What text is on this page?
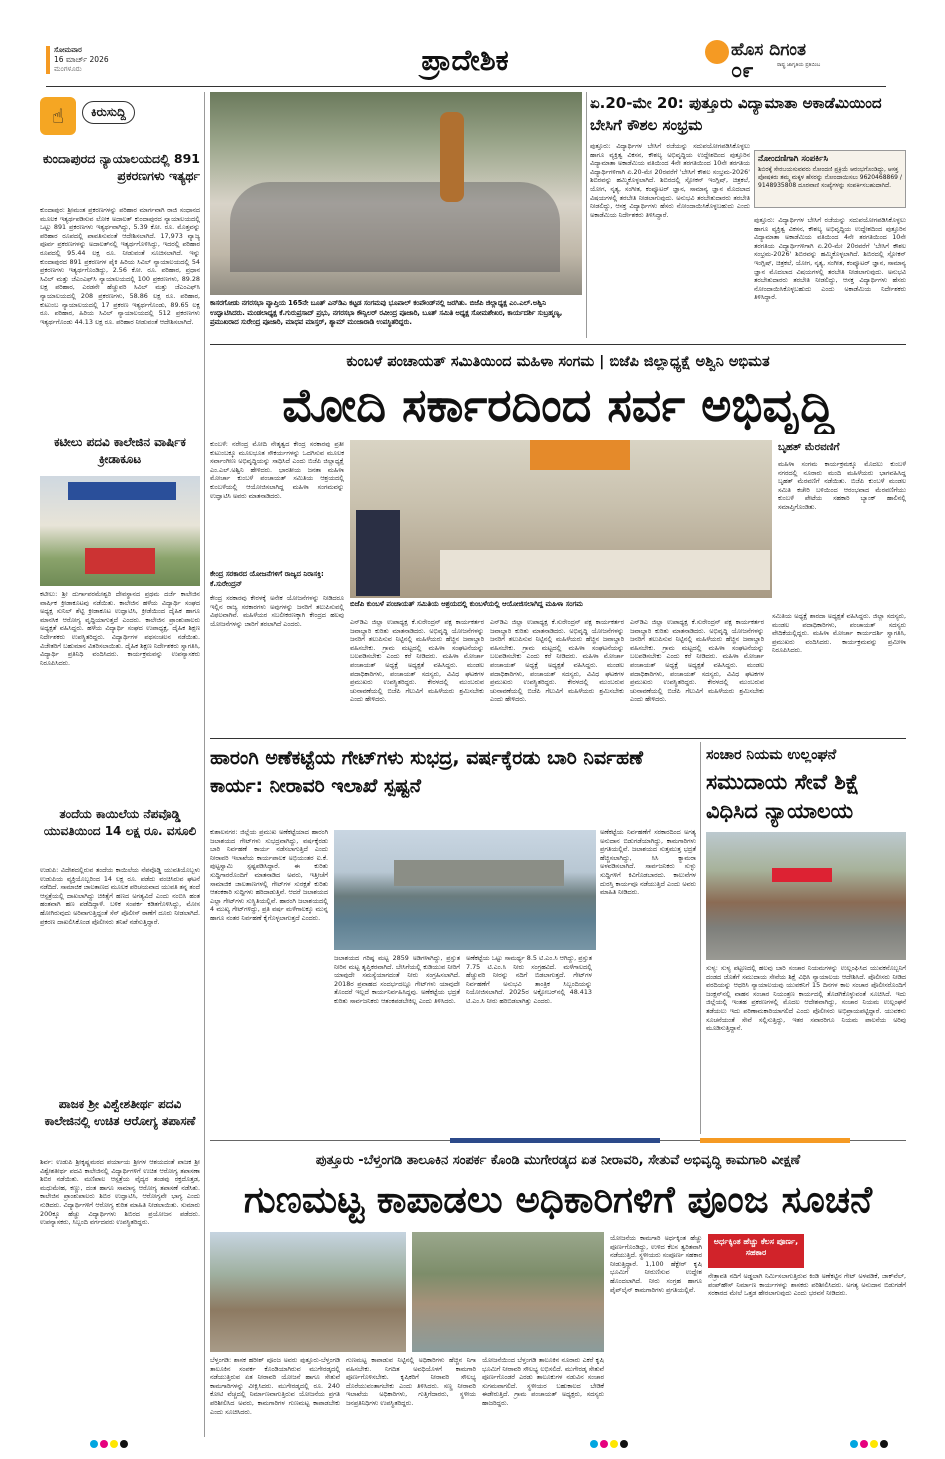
ಸೋಮವಾರ
16 ಮಾರ್ಚ್ 2026
ಮಂಗಳೂರು	ಪ್ರಾದೇಶಿಕ	ಹೊಸ ದಿಗಂತ
ರಾಷ್ಟ್ರ ಜಾಗೃತಿಯ ಪ್ರತಿಬಿಂಬ
೦೯
☝	ಕಿರುಸುದ್ದಿ
ಕುಂದಾಪುರದ ನ್ಯಾಯಾಲಯದಲ್ಲಿ 891 ಪ್ರಕರಣಗಳು ಇತ್ಯರ್ಥ
ಕುಂದಾಪುರ: ಶ್ರೀಮಂತ ಪ್ರಕರಣಗಳನ್ನು ಪರಿಹಾರ ಮಾರ್ಗವಾಗಿ ರಾಜಿ ಸಂಧಾನದ ಮೂಲಕ ಇತ್ಯರ್ಥಪಡಿಸುವ ಲೋಕ ಅದಾಲತ್ ಕುಂದಾಪುರದ ನ್ಯಾಯಾಲಯದಲ್ಲಿ ಒಟ್ಟು 891 ಪ್ರಕರಣಗಳು ಇತ್ಯರ್ಥವಾಗಿದ್ದು, 5.39 ಕೋ. ರೂ. ಮೊತ್ತವನ್ನು ಪರಿಹಾರ ರೂಪದಲ್ಲಿ ಪಾವತಿಸುವಂತೆ ಆದೇಶಿಸಲಾಗಿದೆ. 17,973 ವ್ಯಾಜ್ಯ ಪೂರ್ವ ಪ್ರಕರಣಗಳನ್ನು ಅದಾಲತ್‌ನಲ್ಲಿ ಇತ್ಯರ್ಥಗೊಳಿಸಿದ್ದು, ಇದರಲ್ಲಿ ಪರಿಹಾರ ರೂಪದಲ್ಲಿ 95.44 ಲಕ್ಷ ರೂ. ನೀಡುವಂತೆ ಸೂಚಿಸಲಾಗಿದೆ. ಇನ್ನು ಕುಂದಾಪುರದ 891 ಪ್ರಕರಣಗಳ ಪೈಕಿ ಹಿರಿಯ ಸಿವಿಲ್ ನ್ಯಾಯಾಲಯದಲ್ಲಿ 54 ಪ್ರಕರಣಗಳು ಇತ್ಯರ್ಥಗೊಂಡಿದ್ದು, 2.56 ಕೋ. ರೂ. ಪರಿಹಾರ, ಪ್ರಧಾನ ಸಿವಿಲ್ ಮತ್ತು ಜೆಎಂಎಫ್‌ಸಿ ನ್ಯಾಯಾಲಯದಲ್ಲಿ 100 ಪ್ರಕರಣಗಳು, 89.28 ಲಕ್ಷ ಪರಿಹಾರ, ಎರಡನೇ ಹೆಚ್ಚುವರಿ ಸಿವಿಲ್ ಮತ್ತು ಜೆಎಂಎಫ್‌ಸಿ ನ್ಯಾಯಾಲಯದಲ್ಲಿ 208 ಪ್ರಕರಣಗಳು, 58.86 ಲಕ್ಷ ರೂ. ಪರಿಹಾರ, ಕುಟುಂಬ ನ್ಯಾಯಾಲಯದಲ್ಲಿ 17 ಪ್ರಕರಣ ಇತ್ಯರ್ಥಗೊಂಡು, 89.65 ಲಕ್ಷ ರೂ. ಪರಿಹಾರ, ಹಿರಿಯ ಸಿವಿಲ್ ನ್ಯಾಯಾಲಯದಲ್ಲಿ 512 ಪ್ರಕರಣಗಳು ಇತ್ಯರ್ಥಗೊಂಡು 44.13 ಲಕ್ಷ ರೂ. ಪರಿಹಾರ ನೀಡುವಂತೆ ಆದೇಶಿಸಲಾಗಿದೆ.
ಕಟೀಲು ಪದವಿ ಕಾಲೇಜಿನ ವಾರ್ಷಿಕ ಕ್ರೀಡಾಕೂಟ
ಕಟೀಲು: ಶ್ರೀ ದುರ್ಗಾಪರಮೇಶ್ವರಿ ದೇವಸ್ಥಾನದ ಪ್ರಥಮ ದರ್ಜೆ ಕಾಲೇಜಿನ ವಾರ್ಷಿಕ ಕ್ರೀಡಾಕೂಟವು ನಡೆಯಿತು. ಕಾಲೇಜಿನ ಹಳೆಯ ವಿದ್ಯಾರ್ಥಿ ಸಂಘದ ಅಧ್ಯಕ್ಷ ಸುನಿಲ್ ಶೆಟ್ಟಿ ಕ್ರೀಡಾಕೂಟ ಉದ್ಘಾಟಿಸಿ, ಕ್ರೀಡೆಯಿಂದ ದೈಹಿಕ ಹಾಗೂ ಮಾನಸಿಕ ಆರೋಗ್ಯ ವೃದ್ಧಿಯಾಗುತ್ತದೆ ಎಂದರು. ಕಾಲೇಜಿನ ಪ್ರಾಂಶುಪಾಲರು ಅಧ್ಯಕ್ಷತೆ ವಹಿಸಿದ್ದರು. ಹಳೆಯ ವಿದ್ಯಾರ್ಥಿ ಸಂಘದ ಉಪಾಧ್ಯಕ್ಷ, ದೈಹಿಕ ಶಿಕ್ಷಣ ನಿರ್ದೇಶಕರು ಉಪಸ್ಥಿತರಿದ್ದರು. ವಿದ್ಯಾರ್ಥಿಗಳ ಪಥಸಂಚಲನ ನಡೆಯಿತು. ವಿಜೇತರಿಗೆ ಬಹುಮಾನ ವಿತರಿಸಲಾಯಿತು. ದೈಹಿಕ ಶಿಕ್ಷಣ ನಿರ್ದೇಶಕರು ಸ್ವಾಗತಿಸಿ, ವಿದ್ಯಾರ್ಥಿ ಪ್ರತಿನಿಧಿ ವಂದಿಸಿದರು. ಕಾರ್ಯಕ್ರಮವನ್ನು ಉಪನ್ಯಾಸಕರು ನಿರೂಪಿಸಿದರು.
ತಂದೆಯ ಕಾಯಿಲೆಯ ನೆಪವೊಡ್ಡಿ ಯುವತಿಯಿಂದ 14 ಲಕ್ಷ ರೂ. ವಸೂಲಿ
ಉಡುಪಿ: ವಿದೇಶದಲ್ಲಿರುವ ತಂದೆಯ ಕಾಯಿಲೆಯ ನೆಪವೊಡ್ಡಿ ಯುವತಿಯೊಬ್ಬಳು ಉಡುಪಿಯ ವ್ಯಕ್ತಿಯೊಬ್ಬರಿಂದ 14 ಲಕ್ಷ ರೂ. ಪಡೆದು ವಂಚಿಸಿರುವ ಘಟನೆ ನಡೆದಿದೆ. ಸಾಮಾಜಿಕ ಜಾಲತಾಣದ ಮೂಲಕ ಪರಿಚಯವಾದ ಯುವತಿ ತನ್ನ ತಂದೆ ಆಸ್ಪತ್ರೆಯಲ್ಲಿ ದಾಖಲಾಗಿದ್ದು ಚಿಕಿತ್ಸೆಗೆ ಹಣದ ಅಗತ್ಯವಿದೆ ಎಂದು ನಂಬಿಸಿ ಹಂತ ಹಂತವಾಗಿ ಹಣ ಪಡೆದಿದ್ದಾಳೆ. ಬಳಿಕ ಸಂಪರ್ಕ ಕಡಿತಗೊಳಿಸಿದ್ದು, ಮೋಸ ಹೋಗಿರುವುದು ಅರಿವಾಗುತ್ತಿದ್ದಂತೆ ಸೆನ್ ಪೊಲೀಸ್ ಠಾಣೆಗೆ ದೂರು ನೀಡಲಾಗಿದೆ. ಪ್ರಕರಣ ದಾಖಲಿಸಿಕೊಂಡ ಪೊಲೀಸರು ತನಿಖೆ ನಡೆಸುತ್ತಿದ್ದಾರೆ.
ಪಾಜಕ ಶ್ರೀ ವಿಶ್ವೇಶತೀರ್ಥ ಪದವಿ ಕಾಲೇಜಿನಲ್ಲಿ ಉಚಿತ ಆರೋಗ್ಯ ತಪಾಸಣೆ
ಶಿರ್ವ: ಉಡುಪಿ ಶ್ರೀಕೃಷ್ಣಮಠದ ಪರ್ಯಾಯ ಶ್ರೀಗಳ ಆಶಯದಂತೆ ಪಾಜಕ ಶ್ರೀ ವಿಶ್ವೇಶತೀರ್ಥ ಪದವಿ ಕಾಲೇಜಿನಲ್ಲಿ ವಿದ್ಯಾರ್ಥಿಗಳಿಗೆ ಉಚಿತ ಆರೋಗ್ಯ ತಪಾಸಣಾ ಶಿಬಿರ ನಡೆಯಿತು. ಮಣಿಪಾಲ ಆಸ್ಪತ್ರೆಯ ವೈದ್ಯರ ತಂಡವು ರಕ್ತದೊತ್ತಡ, ಮಧುಮೇಹ, ಕಣ್ಣು, ದಂತ ಹಾಗೂ ಸಾಮಾನ್ಯ ಆರೋಗ್ಯ ತಪಾಸಣೆ ನಡೆಸಿತು. ಕಾಲೇಜಿನ ಪ್ರಾಂಶುಪಾಲರು ಶಿಬಿರ ಉದ್ಘಾಟಿಸಿ, ಆರೋಗ್ಯವೇ ಭಾಗ್ಯ ಎಂದು ನುಡಿದರು. ವಿದ್ಯಾರ್ಥಿಗಳಿಗೆ ಆರೋಗ್ಯ ಕುರಿತ ಮಾಹಿತಿ ನೀಡಲಾಯಿತು. ಸುಮಾರು 200ಕ್ಕೂ ಹೆಚ್ಚು ವಿದ್ಯಾರ್ಥಿಗಳು ಶಿಬಿರದ ಪ್ರಯೋಜನ ಪಡೆದರು. ಉಪನ್ಯಾಸಕರು, ಸಿಬ್ಬಂದಿ ವರ್ಗದವರು ಉಪಸ್ಥಿತರಿದ್ದರು.
ಕಾಸರಗೋಡು ನಗರಸಭಾ ವ್ಯಾಪ್ತಿಯ 165ನೇ ಬೂತ್ ಎನ್‌ಡಿಎ ಕಟ್ಟಡ ಸಂಗಮವು ಭೂಪಾಲ್ ಕಂಪೌಂಡ್‌ನಲ್ಲಿ ಜರಗಿತು. ಬಿಜೆಪಿ ಜಿಲ್ಲಾಧ್ಯಕ್ಷ ಎಂ.ಎಲ್.ಅಶ್ವಿನಿ ಉದ್ಘಾಟಿಸಿದರು. ಮಂಡಲಾಧ್ಯಕ್ಷ ಕೆ.ಗುರುಪ್ರಸಾದ್ ಪ್ರಭು, ನಗರಸಭಾ ಕೌನ್ಸಿಲರ್ ರವೀಂದ್ರ ಪೂಜಾರಿ, ಬೂತ್ ಸಮಿತಿ ಅಧ್ಯಕ್ಷ ಸೋಮಶೇಖರ, ಕಾರ್ಯದರ್ಶಿ ಸುಬ್ರಹ್ಮಣ್ಯ, ಪ್ರಮುಖರಾದ ಸುರೇಂದ್ರ ಪೂಜಾರಿ, ಮಾಧವ ಮಾಸ್ತರ್, ಶ್ಯಾಮ್ ಮಂಜಾರಾಡಿ ಉಪಸ್ಥಿತರಿದ್ದರು.
ಏ.20-ಮೇ 20: ಪುತ್ತೂರು ವಿದ್ಯಾಮಾತಾ ಅಕಾಡೆಮಿಯಿಂದ ಬೇಸಿಗೆ ಕೌಶಲ ಸಂಭ್ರಮ
ಪುತ್ತೂರು: ವಿದ್ಯಾರ್ಥಿಗಳ ಬೇಸಿಗೆ ರಜೆಯನ್ನು ಸದುಪಯೋಗಪಡಿಸಿಕೊಳ್ಳಲು ಹಾಗೂ ವ್ಯಕ್ತಿತ್ವ ವಿಕಸನ, ಕೌಶಲ್ಯ ಅಭಿವೃದ್ಧಿಯ ಉದ್ದೇಶದಿಂದ ಪುತ್ತೂರಿನ ವಿದ್ಯಾಮಾತಾ ಅಕಾಡೆಮಿಯ ವತಿಯಿಂದ 4ನೇ ತರಗತಿಯಿಂದ 10ನೇ ತರಗತಿಯ ವಿದ್ಯಾರ್ಥಿಗಳಿಗಾಗಿ ಏ.20-ಮೇ 20ರವರೆಗೆ 'ಬೇಸಿಗೆ ಕೌಶಲ ಸಂಭ್ರಮ-2026' ಶಿಬಿರವನ್ನು ಹಮ್ಮಿಕೊಳ್ಳಲಾಗಿದೆ. ಶಿಬಿರದಲ್ಲಿ ಸ್ಪೋಕನ್ ಇಂಗ್ಲಿಷ್, ಚಿತ್ರಕಲೆ, ಯೋಗ, ನೃತ್ಯ, ಸಂಗೀತ, ಕಂಪ್ಯೂಟರ್ ಜ್ಞಾನ, ಸಾಮಾನ್ಯ ಜ್ಞಾನ ಮೊದಲಾದ ವಿಷಯಗಳಲ್ಲಿ ತರಬೇತಿ ನೀಡಲಾಗುವುದು. ಅನುಭವಿ ತರಬೇತುದಾರರು ತರಬೇತಿ ನೀಡಲಿದ್ದು, ಆಸಕ್ತ ವಿದ್ಯಾರ್ಥಿಗಳು ಹೆಸರು ನೋಂದಾಯಿಸಿಕೊಳ್ಳಬಹುದು ಎಂದು ಅಕಾಡೆಮಿಯ ನಿರ್ದೇಶಕರು ತಿಳಿಸಿದ್ದಾರೆ.
ನೋಂದಣಿಗಾಗಿ ಸಂಪರ್ಕಿಸಿ
ಶಿಬಿರಕ್ಕೆ ಸೇರಬಯಸುವವರು ನೋಂದಣಿ ಪ್ರಕ್ರಿಯೆ ಆರಂಭಗೊಂಡಿದ್ದು, ಆಸಕ್ತ ಪೋಷಕರು ತಮ್ಮ ಮಕ್ಕಳ ಹೆಸರನ್ನು ನೋಂದಾಯಿಸಲು 9620468869 / 9148935808 ದೂರವಾಣಿ ಸಂಖ್ಯೆಗಳನ್ನು ಸಂಪರ್ಕಿಸಬಹುದಾಗಿದೆ.
ಪುತ್ತೂರು: ವಿದ್ಯಾರ್ಥಿಗಳ ಬೇಸಿಗೆ ರಜೆಯನ್ನು ಸದುಪಯೋಗಪಡಿಸಿಕೊಳ್ಳಲು ಹಾಗೂ ವ್ಯಕ್ತಿತ್ವ ವಿಕಸನ, ಕೌಶಲ್ಯ ಅಭಿವೃದ್ಧಿಯ ಉದ್ದೇಶದಿಂದ ಪುತ್ತೂರಿನ ವಿದ್ಯಾಮಾತಾ ಅಕಾಡೆಮಿಯ ವತಿಯಿಂದ 4ನೇ ತರಗತಿಯಿಂದ 10ನೇ ತರಗತಿಯ ವಿದ್ಯಾರ್ಥಿಗಳಿಗಾಗಿ ಏ.20-ಮೇ 20ರವರೆಗೆ 'ಬೇಸಿಗೆ ಕೌಶಲ ಸಂಭ್ರಮ-2026' ಶಿಬಿರವನ್ನು ಹಮ್ಮಿಕೊಳ್ಳಲಾಗಿದೆ. ಶಿಬಿರದಲ್ಲಿ ಸ್ಪೋಕನ್ ಇಂಗ್ಲಿಷ್, ಚಿತ್ರಕಲೆ, ಯೋಗ, ನೃತ್ಯ, ಸಂಗೀತ, ಕಂಪ್ಯೂಟರ್ ಜ್ಞಾನ, ಸಾಮಾನ್ಯ ಜ್ಞಾನ ಮೊದಲಾದ ವಿಷಯಗಳಲ್ಲಿ ತರಬೇತಿ ನೀಡಲಾಗುವುದು. ಅನುಭವಿ ತರಬೇತುದಾರರು ತರಬೇತಿ ನೀಡಲಿದ್ದು, ಆಸಕ್ತ ವಿದ್ಯಾರ್ಥಿಗಳು ಹೆಸರು ನೋಂದಾಯಿಸಿಕೊಳ್ಳಬಹುದು ಎಂದು ಅಕಾಡೆಮಿಯ ನಿರ್ದೇಶಕರು ತಿಳಿಸಿದ್ದಾರೆ.
ಕುಂಬಳೆ ಪಂಚಾಯತ್ ಸಮಿತಿಯಿಂದ ಮಹಿಳಾ ಸಂಗಮ | ಬಿಜೆಪಿ ಜಿಲ್ಲಾಧ್ಯಕ್ಷೆ ಅಶ್ವಿನಿ ಅಭಿಮತ
ಮೋದಿ ಸರ್ಕಾರದಿಂದ ಸರ್ವ ಅಭಿವೃದ್ಧಿ
ಕುಂಬಳೆ: ನರೇಂದ್ರ ಮೋದಿ ನೇತೃತ್ವದ ಕೇಂದ್ರ ಸರಕಾರವು ಪ್ರತೀ ಕುಟುಂಬಕ್ಕೂ ಮೂಲಭೂತ ಸೌಕರ್ಯಗಳನ್ನು ಒದಗಿಸುವ ಮೂಲಕ ಸರ್ವಾಂಗೀಣ ಅಭಿವೃದ್ಧಿಯನ್ನು ಸಾಧಿಸಿದೆ ಎಂದು ಬಿಜೆಪಿ ಜಿಲ್ಲಾಧ್ಯಕ್ಷೆ ಎಂ.ಎಲ್.ಅಶ್ವಿನಿ ಹೇಳಿದರು. ಭಾರತೀಯ ಜನತಾ ಮಹಿಳಾ ಮೋರ್ಚಾ ಕುಂಬಳೆ ಪಂಚಾಯತ್ ಸಮಿತಿಯ ಆಶ್ರಯದಲ್ಲಿ ಕುಂಬಳೆಯಲ್ಲಿ ಆಯೋಜಿಸಲಾಗಿದ್ದ ಮಹಿಳಾ ಸಂಗಮವನ್ನು ಉದ್ಘಾಟಿಸಿ ಅವರು ಮಾತನಾಡಿದರು.
ಕೇಂದ್ರ ಸರಕಾರದ ಯೋಜನೆಗಳಿಗೆ ರಾಜ್ಯದ ನಿರಾಸಕ್ತಿ: ಕೆ.ಸುರೇಂದ್ರನ್
ಕೇಂದ್ರ ಸರಕಾರವು ಕೇರಳಕ್ಕೆ ಅನೇಕ ಯೋಜನೆಗಳನ್ನು ನೀಡಿದರೂ ಇಲ್ಲಿನ ರಾಜ್ಯ ಸರಕಾರಗಳು ಅವುಗಳನ್ನು ಜನರಿಗೆ ತಲುಪಿಸುವಲ್ಲಿ ವಿಫಲವಾಗಿವೆ. ಮಹಿಳೆಯರ ಸಬಲೀಕರಣಕ್ಕಾಗಿ ಕೇಂದ್ರದ ಹಲವು ಯೋಜನೆಗಳನ್ನು ಜಾರಿಗೆ ತರಲಾಗಿದೆ ಎಂದರು.
ಬಿಜೆಪಿ ಕುಂಬಳೆ ಪಂಚಾಯತ್ ಸಮಿತಿಯ ಆಶ್ರಯದಲ್ಲಿ ಕುಂಬಳೆಯಲ್ಲಿ ಆಯೋಜಿಸಲಾಗಿದ್ದ ಮಹಿಳಾ ಸಂಗಮ
ಬೃಹತ್ ಮೆರವಣಿಗೆ
ಮಹಿಳಾ ಸಂಗಮ ಕಾರ್ಯಕ್ರಮಕ್ಕೂ ಮೊದಲು ಕುಂಬಳೆ ನಗರದಲ್ಲಿ ನೂರಾರು ಮಂದಿ ಮಹಿಳೆಯರು ಭಾಗವಹಿಸಿದ್ದ ಬೃಹತ್ ಮೆರವಣಿಗೆ ನಡೆಯಿತು. ಬಿಜೆಪಿ ಕುಂಬಳೆ ಮಂಡಲ ಸಮಿತಿ ಕಚೇರಿ ಬಳಿಯಿಂದ ಆರಂಭವಾದ ಮೆರವಣಿಗೆಯು ಕುಂಬಳೆ ಪೇಟೆಯ ಸಹಕಾರಿ ಬ್ಯಾಂಕ್ ಹಾಲಿನಲ್ಲಿ ಸಮಾಪ್ತಿಗೊಂಡಿತು.
ಎನ್‌ಡಿಎ ಜಿಲ್ಲಾ ಉಪಾಧ್ಯಕ್ಷ ಕೆ.ಸುರೇಂದ್ರನ್ ಪಕ್ಷ ಕಾರ್ಯಕರ್ತರ ಜವಾಬ್ದಾರಿ ಕುರಿತು ಮಾತನಾಡಿದರು. ಅಭಿವೃದ್ಧಿ ಯೋಜನೆಗಳನ್ನು ಜನರಿಗೆ ತಲುಪಿಸುವ ನಿಟ್ಟಿನಲ್ಲಿ ಮಹಿಳೆಯರು ಹೆಚ್ಚಿನ ಜವಾಬ್ದಾರಿ ವಹಿಸಬೇಕು. ಗ್ರಾಮ ಮಟ್ಟದಲ್ಲಿ ಮಹಿಳಾ ಸಂಘಟನೆಯನ್ನು ಬಲಪಡಿಸಬೇಕು ಎಂದು ಕರೆ ನೀಡಿದರು. ಮಹಿಳಾ ಮೋರ್ಚಾ ಪಂಚಾಯತ್ ಅಧ್ಯಕ್ಷೆ ಅಧ್ಯಕ್ಷತೆ ವಹಿಸಿದ್ದರು. ಮಂಡಲ ಪದಾಧಿಕಾರಿಗಳು, ಪಂಚಾಯತ್ ಸದಸ್ಯರು, ವಿವಿಧ ಘಟಕಗಳ ಪ್ರಮುಖರು ಉಪಸ್ಥಿತರಿದ್ದರು. ಕೇರಳದಲ್ಲಿ ಮುಂಬರುವ ಚುನಾವಣೆಯಲ್ಲಿ ಬಿಜೆಪಿ ಗೆಲುವಿಗೆ ಮಹಿಳೆಯರು ಶ್ರಮಿಸಬೇಕು ಎಂದು ಹೇಳಿದರು.
ಎನ್‌ಡಿಎ ಜಿಲ್ಲಾ ಉಪಾಧ್ಯಕ್ಷ ಕೆ.ಸುರೇಂದ್ರನ್ ಪಕ್ಷ ಕಾರ್ಯಕರ್ತರ ಜವಾಬ್ದಾರಿ ಕುರಿತು ಮಾತನಾಡಿದರು. ಅಭಿವೃದ್ಧಿ ಯೋಜನೆಗಳನ್ನು ಜನರಿಗೆ ತಲುಪಿಸುವ ನಿಟ್ಟಿನಲ್ಲಿ ಮಹಿಳೆಯರು ಹೆಚ್ಚಿನ ಜವಾಬ್ದಾರಿ ವಹಿಸಬೇಕು. ಗ್ರಾಮ ಮಟ್ಟದಲ್ಲಿ ಮಹಿಳಾ ಸಂಘಟನೆಯನ್ನು ಬಲಪಡಿಸಬೇಕು ಎಂದು ಕರೆ ನೀಡಿದರು. ಮಹಿಳಾ ಮೋರ್ಚಾ ಪಂಚಾಯತ್ ಅಧ್ಯಕ್ಷೆ ಅಧ್ಯಕ್ಷತೆ ವಹಿಸಿದ್ದರು. ಮಂಡಲ ಪದಾಧಿಕಾರಿಗಳು, ಪಂಚಾಯತ್ ಸದಸ್ಯರು, ವಿವಿಧ ಘಟಕಗಳ ಪ್ರಮುಖರು ಉಪಸ್ಥಿತರಿದ್ದರು. ಕೇರಳದಲ್ಲಿ ಮುಂಬರುವ ಚುನಾವಣೆಯಲ್ಲಿ ಬಿಜೆಪಿ ಗೆಲುವಿಗೆ ಮಹಿಳೆಯರು ಶ್ರಮಿಸಬೇಕು ಎಂದು ಹೇಳಿದರು.
ಎನ್‌ಡಿಎ ಜಿಲ್ಲಾ ಉಪಾಧ್ಯಕ್ಷ ಕೆ.ಸುರೇಂದ್ರನ್ ಪಕ್ಷ ಕಾರ್ಯಕರ್ತರ ಜವಾಬ್ದಾರಿ ಕುರಿತು ಮಾತನಾಡಿದರು. ಅಭಿವೃದ್ಧಿ ಯೋಜನೆಗಳನ್ನು ಜನರಿಗೆ ತಲುಪಿಸುವ ನಿಟ್ಟಿನಲ್ಲಿ ಮಹಿಳೆಯರು ಹೆಚ್ಚಿನ ಜವಾಬ್ದಾರಿ ವಹಿಸಬೇಕು. ಗ್ರಾಮ ಮಟ್ಟದಲ್ಲಿ ಮಹಿಳಾ ಸಂಘಟನೆಯನ್ನು ಬಲಪಡಿಸಬೇಕು ಎಂದು ಕರೆ ನೀಡಿದರು. ಮಹಿಳಾ ಮೋರ್ಚಾ ಪಂಚಾಯತ್ ಅಧ್ಯಕ್ಷೆ ಅಧ್ಯಕ್ಷತೆ ವಹಿಸಿದ್ದರು. ಮಂಡಲ ಪದಾಧಿಕಾರಿಗಳು, ಪಂಚಾಯತ್ ಸದಸ್ಯರು, ವಿವಿಧ ಘಟಕಗಳ ಪ್ರಮುಖರು ಉಪಸ್ಥಿತರಿದ್ದರು. ಕೇರಳದಲ್ಲಿ ಮುಂಬರುವ ಚುನಾವಣೆಯಲ್ಲಿ ಬಿಜೆಪಿ ಗೆಲುವಿಗೆ ಮಹಿಳೆಯರು ಶ್ರಮಿಸಬೇಕು ಎಂದು ಹೇಳಿದರು.
ಸಮಿತಿಯ ಅಧ್ಯಕ್ಷೆ ಶಾರದಾ ಅಧ್ಯಕ್ಷತೆ ವಹಿಸಿದ್ದರು. ಜಿಲ್ಲಾ ಸದಸ್ಯರು, ಮಂಡಲ ಪದಾಧಿಕಾರಿಗಳು, ಪಂಚಾಯತ್ ಸದಸ್ಯರು ವೇದಿಕೆಯಲ್ಲಿದ್ದರು. ಮಹಿಳಾ ಮೋರ್ಚಾ ಕಾರ್ಯದರ್ಶಿ ಸ್ವಾಗತಿಸಿ, ಪ್ರಮುಖರು ವಂದಿಸಿದರು. ಕಾರ್ಯಕ್ರಮವನ್ನು ಪ್ರಮೀಳಾ ನಿರೂಪಿಸಿದರು.
ಹಾರಂಗಿ ಅಣೆಕಟ್ಟೆಯ ಗೇಟ್‌ಗಳು ಸುಭದ್ರ, ವರ್ಷಕ್ಕೆರಡು ಬಾರಿ ನಿರ್ವಹಣೆ ಕಾರ್ಯ: ನೀರಾವರಿ ಇಲಾಖೆ ಸ್ಪಷ್ಟನೆ
ಕುಶಾಲನಗರ: ಜಿಲ್ಲೆಯ ಪ್ರಮುಖ ಅಣೆಕಟ್ಟೆಯಾದ ಹಾರಂಗಿ ಜಲಾಶಯದ ಗೇಟ್‌ಗಳು ಸುಭದ್ರವಾಗಿದ್ದು, ವರ್ಷಕ್ಕೆರಡು ಬಾರಿ ನಿರ್ವಹಣೆ ಕಾರ್ಯ ನಡೆಸಲಾಗುತ್ತಿದೆ ಎಂದು ನೀರಾವರಿ ಇಲಾಖೆಯ ಕಾರ್ಯಪಾಲಕ ಅಭಿಯಂತರ ಐ.ಕೆ. ಪುಟ್ಟಸ್ವಾಮಿ ಸ್ಪಷ್ಟಪಡಿಸಿದ್ದಾರೆ. ಈ ಕುರಿತು ಸುದ್ದಿಗಾರರೊಂದಿಗೆ ಮಾತನಾಡಿದ ಅವರು, ಇತ್ತೀಚೆಗೆ ಸಾಮಾಜಿಕ ಜಾಲತಾಣಗಳಲ್ಲಿ ಗೇಟ್‌ಗಳ ಸುರಕ್ಷತೆ ಕುರಿತು ಆತಂಕಕಾರಿ ಸುದ್ದಿಗಳು ಹರಿದಾಡುತ್ತಿವೆ. ಆದರೆ ಜಲಾಶಯದ ಎಲ್ಲಾ ಗೇಟ್‌ಗಳು ಸುಸ್ಥಿತಿಯಲ್ಲಿವೆ. ಹಾರಂಗಿ ಜಲಾಶಯದಲ್ಲಿ 4 ಮುಖ್ಯ ಗೇಟ್‌ಗಳಿದ್ದು, ಪ್ರತಿ ವರ್ಷ ಮಳೆಗಾಲಕ್ಕೂ ಮುನ್ನ ಹಾಗೂ ನಂತರ ನಿರ್ವಹಣೆ ಕೈಗೊಳ್ಳಲಾಗುತ್ತದೆ ಎಂದರು.
ಜಲಾಶಯದ ಗರಿಷ್ಠ ಮಟ್ಟ 2859 ಅಡಿಗಳಾಗಿದ್ದು, ಪ್ರಸ್ತುತ ನೀರಿನ ಮಟ್ಟ ತೃಪ್ತಿಕರವಾಗಿದೆ. ಬೇಸಿಗೆಯಲ್ಲಿ ಕುಡಿಯುವ ನೀರಿಗೆ ಯಾವುದೇ ಸಮಸ್ಯೆಯಾಗದಂತೆ ನೀರು ಸಂಗ್ರಹಿಸಲಾಗಿದೆ. 2018ರ ಪ್ರವಾಹದ ಸಂದರ್ಭದಲ್ಲೂ ಗೇಟ್‌ಗಳು ಯಾವುದೇ ತೊಂದರೆ ಇಲ್ಲದೆ ಕಾರ್ಯನಿರ್ವಹಿಸಿದ್ದವು. ಅಣೆಕಟ್ಟೆಯ ಭದ್ರತೆ ಕುರಿತು ಸಾರ್ವಜನಿಕರು ಆತಂಕಪಡಬೇಕಿಲ್ಲ ಎಂದು ತಿಳಿಸಿದರು.
ಅಣೆಕಟ್ಟೆಯ ಒಟ್ಟು ಸಾಮರ್ಥ್ಯ 8.5 ಟಿ.ಎಂ.ಸಿ ಆಗಿದ್ದು, ಪ್ರಸ್ತುತ 7.75 ಟಿ.ಎಂ.ಸಿ ನೀರು ಸಂಗ್ರಹವಿದೆ. ಮಳೆಗಾಲದಲ್ಲಿ ಹೆಚ್ಚುವರಿ ನೀರನ್ನು ನದಿಗೆ ಬಿಡಲಾಗುತ್ತದೆ. ಗೇಟ್‌ಗಳ ನಿರ್ವಹಣೆಗೆ ಅನುಭವಿ ತಾಂತ್ರಿಕ ಸಿಬ್ಬಂದಿಯನ್ನು ನಿಯೋಜಿಸಲಾಗಿದೆ. 2025ರ ಅಕ್ಟೋಬರ್‌ನಲ್ಲಿ 48.413 ಟಿ.ಎಂ.ಸಿ ನೀರು ಹರಿಬಿಡಲಾಗಿತ್ತು ಎಂದರು.
ಅಣೆಕಟ್ಟೆಯ ನಿರ್ವಹಣೆಗೆ ಸರಕಾರದಿಂದ ಅಗತ್ಯ ಅನುದಾನ ಬಿಡುಗಡೆಯಾಗಿದ್ದು, ಕಾಮಗಾರಿಗಳು ಪ್ರಗತಿಯಲ್ಲಿವೆ. ಜಲಾಶಯದ ಸುತ್ತಮುತ್ತ ಭದ್ರತೆ ಹೆಚ್ಚಿಸಲಾಗಿದ್ದು, ಸಿಸಿ ಕ್ಯಾಮರಾ ಅಳವಡಿಸಲಾಗಿದೆ. ಸಾರ್ವಜನಿಕರು ಸುಳ್ಳು ಸುದ್ದಿಗಳಿಗೆ ಕಿವಿಗೊಡಬಾರದು. ಕಾಲುವೆಗಳ ದುರಸ್ತಿ ಕಾರ್ಯವೂ ನಡೆಯುತ್ತಿದೆ ಎಂದು ಅವರು ಮಾಹಿತಿ ನೀಡಿದರು.
ಸಂಚಾರ ನಿಯಮ ಉಲ್ಲಂಘನೆ
ಸಮುದಾಯ ಸೇವೆ ಶಿಕ್ಷೆ ವಿಧಿಸಿದ ನ್ಯಾಯಾಲಯ
ಸುಳ್ಯ: ಸುಳ್ಯ ಪಟ್ಟಣದಲ್ಲಿ ಹಲವು ಬಾರಿ ಸಂಚಾರ ನಿಯಮಗಳನ್ನು ಉಲ್ಲಂಘಿಸಿದ ಯುವಕನೊಬ್ಬನಿಗೆ ದಂಡದ ಜೊತೆಗೆ ಸಮುದಾಯ ಸೇವೆಯ ಶಿಕ್ಷೆ ವಿಧಿಸಿ ನ್ಯಾಯಾಲಯ ಆದೇಶಿಸಿದೆ. ಪೊಲೀಸರು ನೀಡಿದ ವರದಿಯನ್ನು ಆಧರಿಸಿ ನ್ಯಾಯಾಲಯವು ಯುವಕನಿಗೆ 15 ದಿನಗಳ ಕಾಲ ಸಂಚಾರ ಪೊಲೀಸರೊಂದಿಗೆ ಜಂಕ್ಷನ್‌ನಲ್ಲಿ ವಾಹನ ಸಂಚಾರ ನಿಯಂತ್ರಣ ಕಾರ್ಯದಲ್ಲಿ ತೊಡಗಿಕೊಳ್ಳುವಂತೆ ಸೂಚಿಸಿದೆ. ಇದು ಜಿಲ್ಲೆಯಲ್ಲಿ ಇಂತಹ ಪ್ರಕರಣಗಳಲ್ಲಿ ಮೊದಲ ಆದೇಶವಾಗಿದ್ದು, ಸಂಚಾರ ನಿಯಮ ಉಲ್ಲಂಘನೆ ತಡೆಯಲು ಇದು ಪರಿಣಾಮಕಾರಿಯಾಗಲಿದೆ ಎಂದು ಪೊಲೀಸರು ಅಭಿಪ್ರಾಯಪಟ್ಟಿದ್ದಾರೆ. ಯುವಕನು ಸೂಚನೆಯಂತೆ ಸೇವೆ ಸಲ್ಲಿಸುತ್ತಿದ್ದು, ಇತರ ಸವಾರರಿಗೂ ನಿಯಮ ಪಾಲನೆಯ ಅರಿವು ಮೂಡಿಸುತ್ತಿದ್ದಾನೆ.
ಪುತ್ತೂರು -ಬೆಳ್ತಂಗಡಿ ತಾಲೂಕಿನ ಸಂಪರ್ಕ ಕೊಂಡಿ ಮುಗೇರಡ್ಕದ ಏತ ನೀರಾವರಿ, ಸೇತುವೆ ಅಭಿವೃದ್ಧಿ ಕಾಮಗಾರಿ ವೀಕ್ಷಣೆ
ಗುಣಮಟ್ಟ ಕಾಪಾಡಲು ಅಧಿಕಾರಿಗಳಿಗೆ ಪೂಂಜ ಸೂಚನೆ
ಬೆಳ್ತಂಗಡಿ: ಶಾಸಕ ಹರೀಶ್ ಪೂಂಜ ಅವರು ಪುತ್ತೂರು-ಬೆಳ್ತಂಗಡಿ ತಾಲೂಕಿನ ಸಂಪರ್ಕ ಕೊಂಡಿಯಾಗಿರುವ ಮುಗೇರಡ್ಕದಲ್ಲಿ ನಡೆಯುತ್ತಿರುವ ಏತ ನೀರಾವರಿ ಯೋಜನೆ ಹಾಗೂ ಸೇತುವೆ ಕಾಮಗಾರಿಗಳನ್ನು ವೀಕ್ಷಿಸಿದರು. ಮುಗೇರಡ್ಕದಲ್ಲಿ ರೂ. 240 ಕೋಟಿ ವೆಚ್ಚದಲ್ಲಿ ನಿರ್ಮಾಣವಾಗುತ್ತಿರುವ ಯೋಜನೆಯ ಪ್ರಗತಿ ಪರಿಶೀಲಿಸಿದ ಅವರು, ಕಾಮಗಾರಿಗಳ ಗುಣಮಟ್ಟ ಕಾಪಾಡಬೇಕು ಎಂದು ಸೂಚಿಸಿದರು.
ಗುಣಮಟ್ಟ ಕಾಪಾಡುವ ನಿಟ್ಟಿನಲ್ಲಿ ಅಧಿಕಾರಿಗಳು ಹೆಚ್ಚಿನ ನಿಗಾ ವಹಿಸಬೇಕು. ನಿಗದಿತ ಅವಧಿಯೊಳಗೆ ಕಾಮಗಾರಿ ಪೂರ್ಣಗೊಳಿಸಬೇಕು. ಕೃಷಿಕರಿಗೆ ನೀರಾವರಿ ಸೌಲಭ್ಯ ದೊರೆಯುವಂತಾಗಬೇಕು ಎಂದು ತಿಳಿಸಿದರು. ಸಣ್ಣ ನೀರಾವರಿ ಇಲಾಖೆಯ ಅಧಿಕಾರಿಗಳು, ಗುತ್ತಿಗೆದಾರರು, ಸ್ಥಳೀಯ ಜನಪ್ರತಿನಿಧಿಗಳು ಉಪಸ್ಥಿತರಿದ್ದರು.
ಯೋಜನೆಯಿಂದ ಬೆಳ್ತಂಗಡಿ ತಾಲೂಕಿನ ನೂರಾರು ಎಕರೆ ಕೃಷಿ ಭೂಮಿಗೆ ನೀರಾವರಿ ಸೌಲಭ್ಯ ಲಭಿಸಲಿದೆ. ಮುಗೇರಡ್ಕ ಸೇತುವೆ ಪೂರ್ಣಗೊಂಡರೆ ಎರಡು ತಾಲೂಕುಗಳ ನಡುವಿನ ಸಂಚಾರ ಸುಗಮವಾಗಲಿದೆ. ಸ್ಥಳೀಯರ ಬಹುಕಾಲದ ಬೇಡಿಕೆ ಈಡೇರುತ್ತಿದೆ. ಗ್ರಾಮ ಪಂಚಾಯತ್ ಅಧ್ಯಕ್ಷರು, ಸದಸ್ಯರು ಹಾಜರಿದ್ದರು.
ಯೋಜನೆಯ ಕಾಮಗಾರಿ ಅರ್ಧಕ್ಕಿಂತ ಹೆಚ್ಚು ಪೂರ್ಣಗೊಂಡಿದ್ದು, ಉಳಿದ ಕೆಲಸ ತ್ವರಿತವಾಗಿ ನಡೆಯುತ್ತಿದೆ. ಸ್ಥಳೀಯರು ಸಂಪೂರ್ಣ ಸಹಕಾರ ನೀಡುತ್ತಿದ್ದಾರೆ. 1,100 ಹೆಕ್ಟೇರ್ ಕೃಷಿ ಭೂಮಿಗೆ ನೀರುಣಿಸುವ ಉದ್ದೇಶ ಹೊಂದಲಾಗಿದೆ. ನೀರು ಸಂಗ್ರಹ ಹಾಗೂ ಪೈಪ್‌ಲೈನ್ ಕಾಮಗಾರಿಗಳು ಪ್ರಗತಿಯಲ್ಲಿವೆ.
ಅರ್ಧಕ್ಕಿಂತ ಹೆಚ್ಚು ಕೆಲಸ ಪೂರ್ಣ, ಸಹಕಾರ
ನೇತ್ರಾವತಿ ನದಿಗೆ ಅಡ್ಡಲಾಗಿ ನಿರ್ಮಿಸಲಾಗುತ್ತಿರುವ ಕಿಂಡಿ ಅಣೆಕಟ್ಟಿನ ಗೇಟ್ ಅಳವಡಿಕೆ, ಜಾಕ್‌ವೆಲ್, ಪಂಪ್‌ಹೌಸ್ ನಿರ್ಮಾಣ ಕಾರ್ಯಗಳನ್ನು ಶಾಸಕರು ಪರಿಶೀಲಿಸಿದರು. ಅಗತ್ಯ ಅನುದಾನ ಬಿಡುಗಡೆಗೆ ಸರಕಾರದ ಮೇಲೆ ಒತ್ತಡ ಹೇರಲಾಗುವುದು ಎಂದು ಭರವಸೆ ನೀಡಿದರು.
